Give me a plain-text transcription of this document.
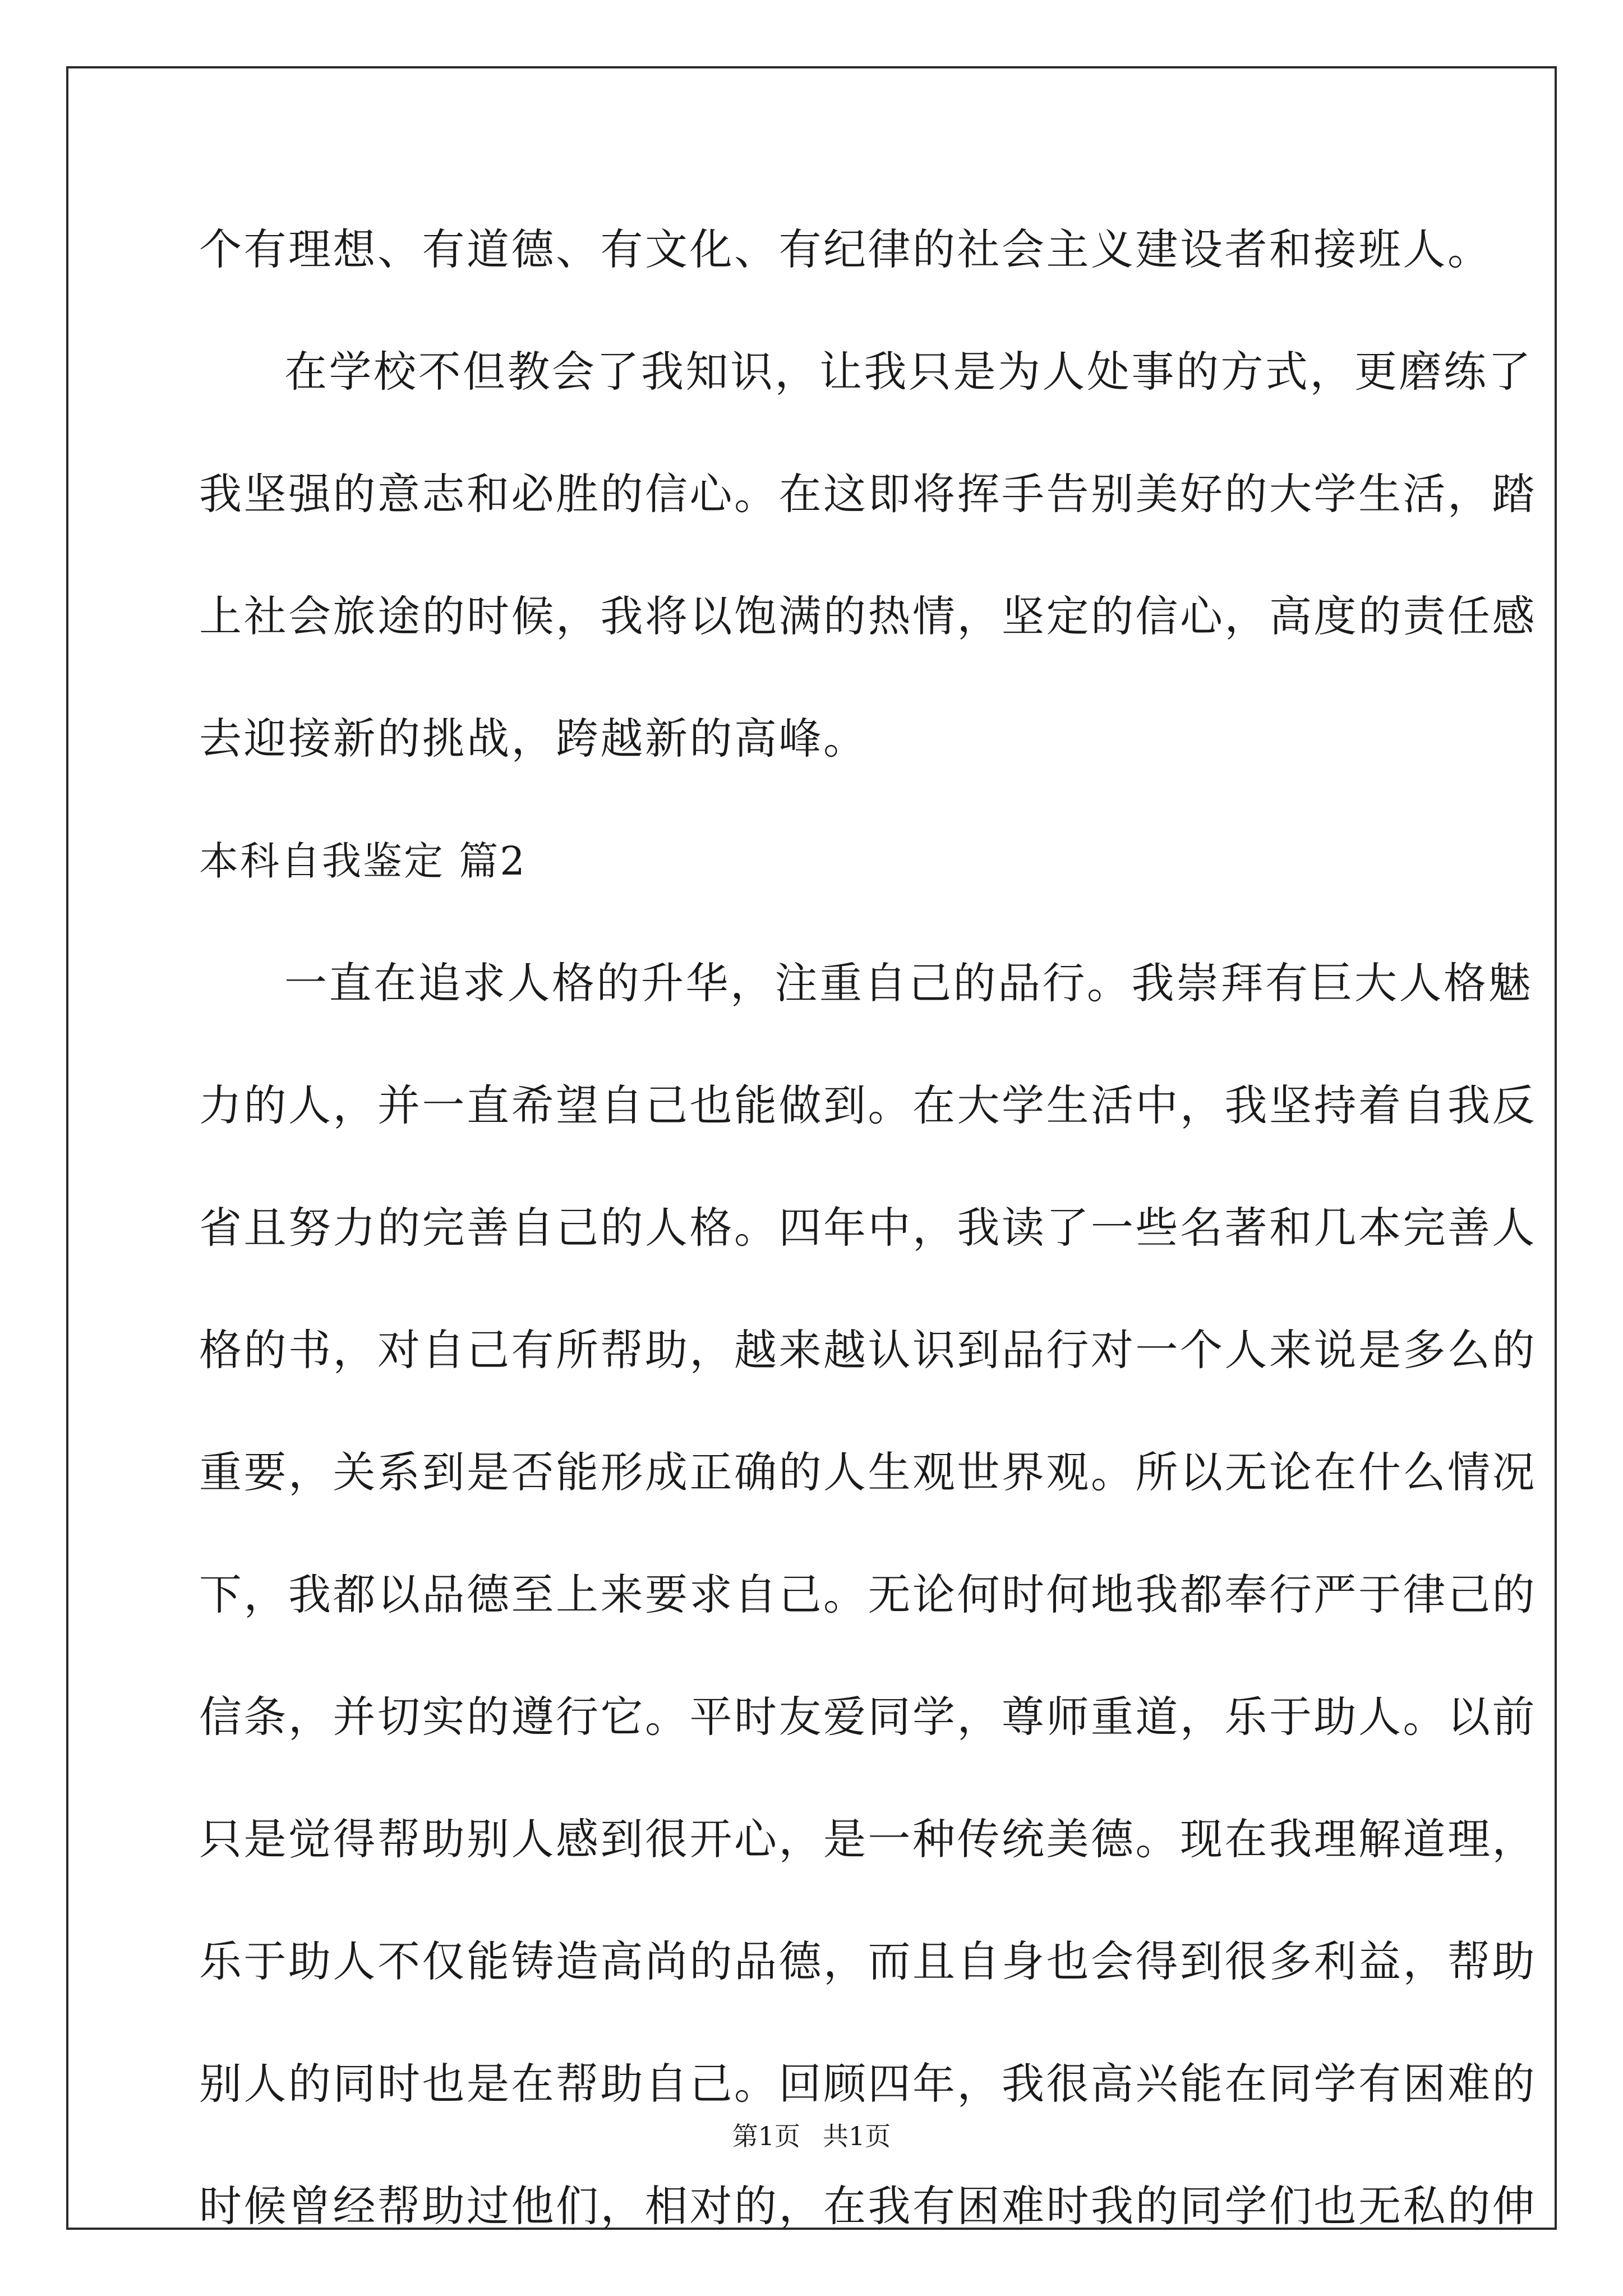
个有理想、有道德、有文化、有纪律的社会主义建设者和接班人。
在学校不但教会了我知识，让我只是为人处事的方式，更磨练了
我坚强的意志和必胜的信心。在这即将挥手告别美好的大学生活，踏
上社会旅途的时候，我将以饱满的热情，坚定的信心，高度的责任感
去迎接新的挑战，跨越新的高峰。
本科自我鉴定 篇2
一直在追求人格的升华，注重自己的品行。我崇拜有巨大人格魅
力的人，并一直希望自己也能做到。在大学生活中，我坚持着自我反
省且努力的完善自己的人格。四年中，我读了一些名著和几本完善人
格的书，对自己有所帮助，越来越认识到品行对一个人来说是多么的
重要，关系到是否能形成正确的人生观世界观。所以无论在什么情况
下，我都以品德至上来要求自己。无论何时何地我都奉行严于律己的
信条，并切实的遵行它。平时友爱同学，尊师重道，乐于助人。以前
只是觉得帮助别人感到很开心，是一种传统美德。现在我理解道理，
乐于助人不仅能铸造高尚的品德，而且自身也会得到很多利益，帮助
别人的同时也是在帮助自己。回顾四年，我很高兴能在同学有困难的
时候曾经帮助过他们，相对的，在我有困难时我的同学们也无私的伸
第1页 共1页
